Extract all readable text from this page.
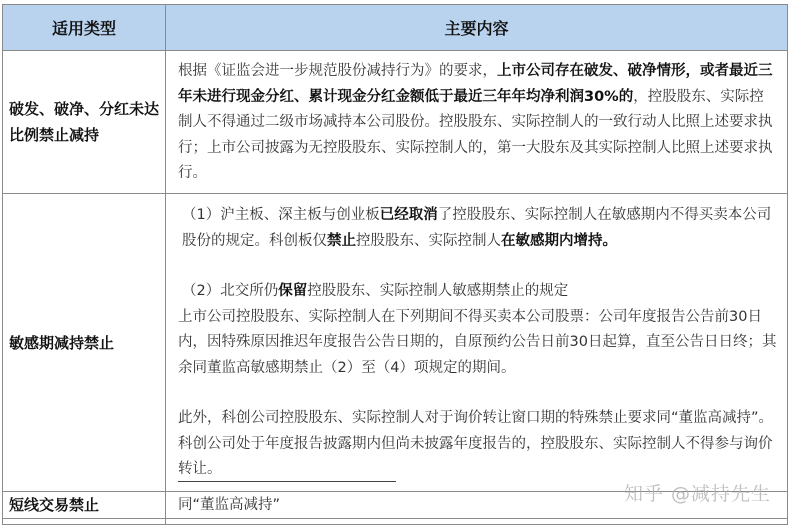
适用类型	主要内容
破发、破净、分红未达比例禁止减持	根据《证监会进一步规范股份减持行为》的要求，上市公司存在破发、破净情形，或者最近三年未进行现金分红、累计现金分红金额低于最近三年年均净利润30%的，控股股东、实际控制人不得通过二级市场减持本公司股份。控股股东、实际控制人的一致行动人比照上述要求执行；上市公司披露为无控股股东、实际控制人的，第一大股东及其实际控制人比照上述要求执行。
敏感期减持禁止	（1）沪主板、深主板与创业板已经取消了控股股东、实际控制人在敏感期内不得买卖本公司股份的规定。科创板仅禁止控股股东、实际控制人在敏感期内增持。
（2）北交所仍保留控股股东、实际控制人敏感期禁止的规定
上市公司控股股东、实际控制人在下列期间不得买卖本公司股票：公司年度报告公告前30日内，因特殊原因推迟年度报告公告日期的，自原预约公告日前30日起算，直至公告日日终；其余同董监高敏感期禁止（2）至（4）项规定的期间。
此外，科创公司控股股东、实际控制人对于询价转让窗口期的特殊禁止要求同“董监高减持”。科创公司处于年度报告披露期内但尚未披露年度报告的，控股股东、实际控制人不得参与询价转让。

短线交易禁止	同“董监高减持”
		知乎 @减持先生
